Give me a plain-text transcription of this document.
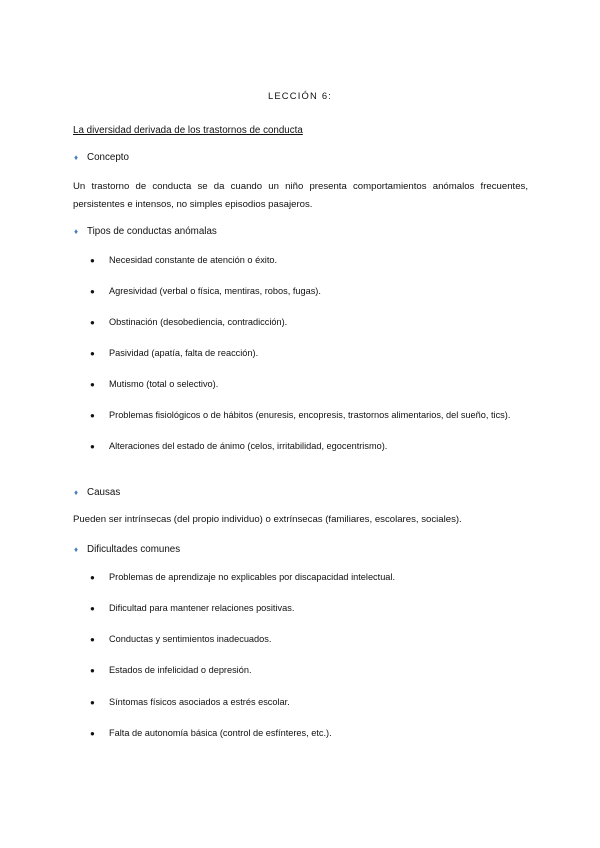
LECCIÓN 6:
La diversidad derivada de los trastornos de conducta
♦ Concepto
Un trastorno de conducta se da cuando un niño presenta comportamientos anómalos frecuentes, persistentes e intensos, no simples episodios pasajeros.
♦ Tipos de conductas anómalas
●	Necesidad constante de atención o éxito.
●	Agresividad (verbal o física, mentiras, robos, fugas).
●	Obstinación (desobediencia, contradicción).
●	Pasividad (apatía, falta de reacción).
●	Mutismo (total o selectivo).
●	Problemas fisiológicos o de hábitos (enuresis, encopresis, trastornos alimentarios, del sueño, tics).
●	Alteraciones del estado de ánimo (celos, irritabilidad, egocentrismo).
♦ Causas
Pueden ser intrínsecas (del propio individuo) o extrínsecas (familiares, escolares, sociales).
♦ Dificultades comunes
●	Problemas de aprendizaje no explicables por discapacidad intelectual.
●	Dificultad para mantener relaciones positivas.
●	Conductas y sentimientos inadecuados.
●	Estados de infelicidad o depresión.
●	Síntomas físicos asociados a estrés escolar.
●	Falta de autonomía básica (control de esfínteres, etc.).
